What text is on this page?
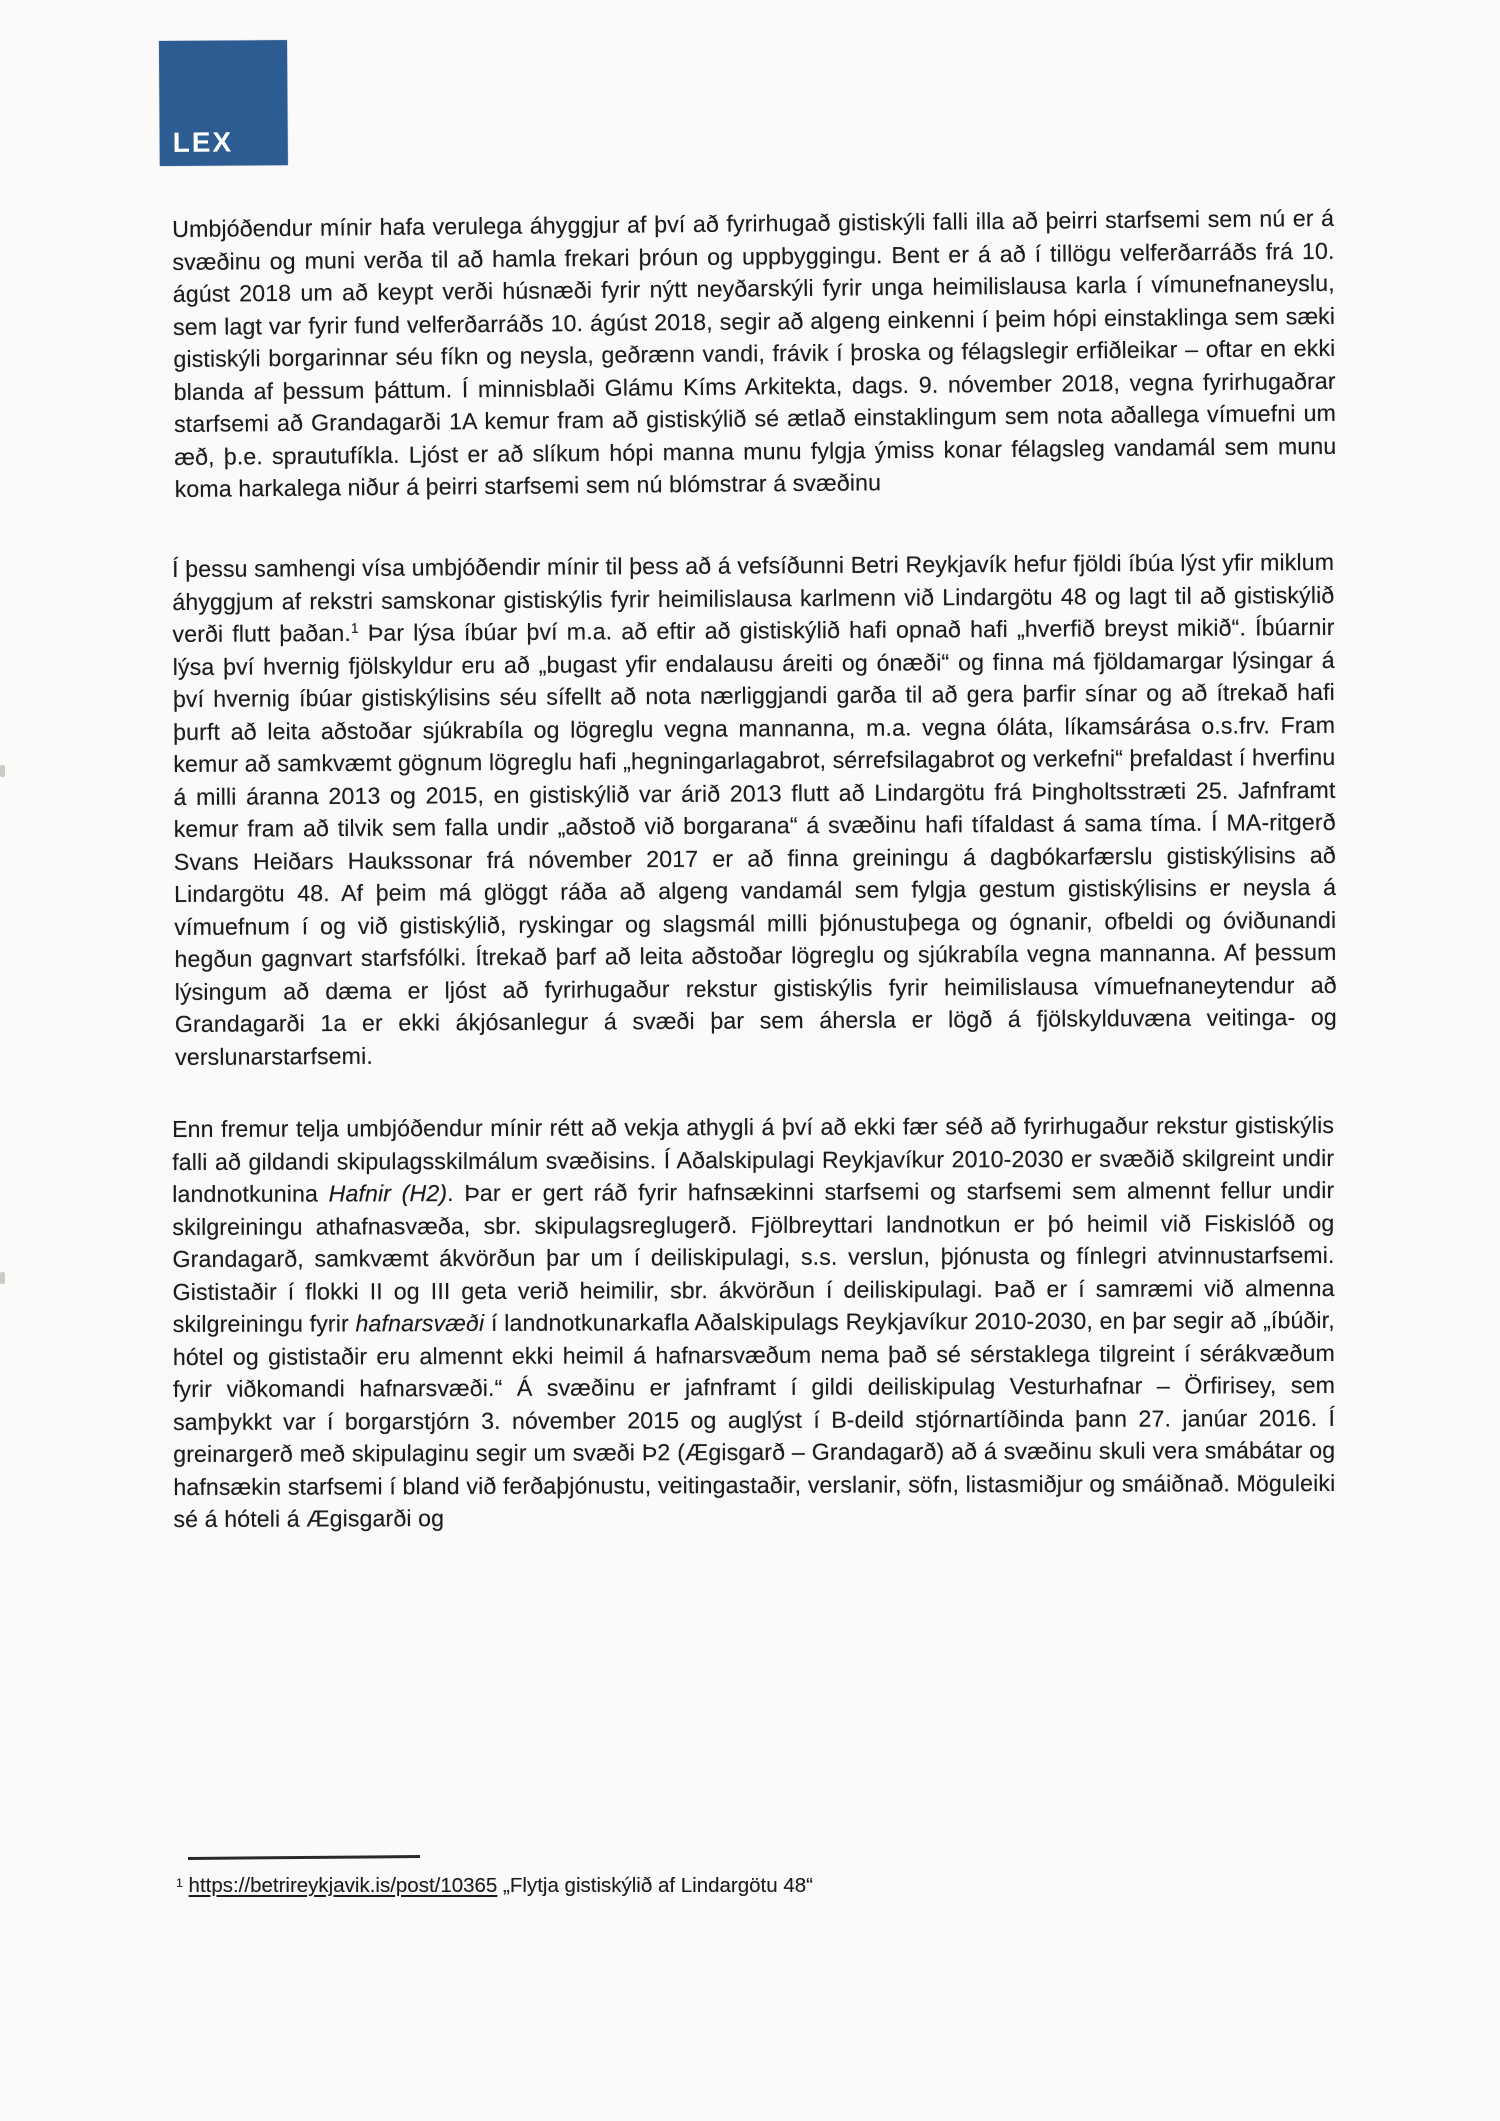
LEX

Umbjóðendur mínir hafa verulega áhyggjur af því að fyrirhugað gistiskýli falli illa að þeirri starfsemi sem nú er á svæðinu og muni verða til að hamla frekari þróun og uppbyggingu. Bent er á að í tillögu velferðarráðs frá 10. ágúst 2018 um að keypt verði húsnæði fyrir nýtt neyðarskýli fyrir unga heimilislausa karla í vímunefnaneyslu, sem lagt var fyrir fund velferðarráðs 10. ágúst 2018, segir að algeng einkenni í þeim hópi einstaklinga sem sæki gistiskýli borgarinnar séu fíkn og neysla, geðrænn vandi, frávik í þroska og félagslegir erfiðleikar – oftar en ekki blanda af þessum þáttum. Í minnisblaði Glámu Kíms Arkitekta, dags. 9. nóvember 2018, vegna fyrirhugaðrar starfsemi að Grandagarði 1A kemur fram að gistiskýlið sé ætlað einstaklingum sem nota aðallega vímuefni um æð, þ.e. sprautufíkla. Ljóst er að slíkum hópi manna munu fylgja ýmiss konar félagsleg vandamál sem munu koma harkalega niður á þeirri starfsemi sem nú blómstrar á svæðinu

Í þessu samhengi vísa umbjóðendir mínir til þess að á vefsíðunni Betri Reykjavík hefur fjöldi íbúa lýst yfir miklum áhyggjum af rekstri samskonar gistiskýlis fyrir heimilislausa karlmenn við Lindargötu 48 og lagt til að gistiskýlið verði flutt þaðan.$^1$ Þar lýsa íbúar því m.a. að eftir að gistiskýlið hafi opnað hafi „hverfið breyst mikið“. Íbúarnir lýsa því hvernig fjölskyldur eru að „bugast yfir endalausu áreiti og ónæði“ og finna má fjöldamargar lýsingar á því hvernig íbúar gistiskýlisins séu sífellt að nota nærliggjandi garða til að gera þarfir sínar og að ítrekað hafi þurft að leita aðstoðar sjúkrabíla og lögreglu vegna mannanna, m.a. vegna óláta, líkamsárása o.s.frv. Fram kemur að samkvæmt gögnum lögreglu hafi „hegningarlagabrot, sérrefsilagabrot og verkefni“ þrefaldast í hverfinu á milli áranna 2013 og 2015, en gistiskýlið var árið 2013 flutt að Lindargötu frá Þingholtsstræti 25. Jafnframt kemur fram að tilvik sem falla undir „aðstoð við borgarana“ á svæðinu hafi tífaldast á sama tíma. Í MA-ritgerð Svans Heiðars Haukssonar frá nóvember 2017 er að finna greiningu á dagbókarfærslu gistiskýlisins að Lindargötu 48. Af þeim má glöggt ráða að algeng vandamál sem fylgja gestum gistiskýlisins er neysla á vímuefnum í og við gistiskýlið, ryskingar og slagsmál milli þjónustuþega og ógnanir, ofbeldi og óviðunandi hegðun gagnvart starfsfólki. Ítrekað þarf að leita aðstoðar lögreglu og sjúkrabíla vegna mannanna. Af þessum lýsingum að dæma er ljóst að fyrirhugaður rekstur gistiskýlis fyrir heimilislausa vímuefnaneytendur að Grandagarði 1a er ekki ákjósanlegur á svæði þar sem áhersla er lögð á fjölskylduvæna veitinga- og verslunarstarfsemi.

Enn fremur telja umbjóðendur mínir rétt að vekja athygli á því að ekki fær séð að fyrirhugaður rekstur gistiskýlis falli að gildandi skipulagsskilmálum svæðisins. Í Aðalskipulagi Reykjavíkur 2010-2030 er svæðið skilgreint undir landnotkunina Hafnir (H2). Þar er gert ráð fyrir hafnsækinni starfsemi og starfsemi sem almennt fellur undir skilgreiningu athafnasvæða, sbr. skipulagsreglugerð. Fjölbreyttari landnotkun er þó heimil við Fiskislóð og Grandagarð, samkvæmt ákvörðun þar um í deiliskipulagi, s.s. verslun, þjónusta og fínlegri atvinnustarfsemi. Gististaðir í flokki II og III geta verið heimilir, sbr. ákvörðun í deiliskipulagi. Það er í samræmi við almenna skilgreiningu fyrir hafnarsvæði í landnotkunarkafla Aðalskipulags Reykjavíkur 2010-2030, en þar segir að „íbúðir, hótel og gististaðir eru almennt ekki heimil á hafnarsvæðum nema það sé sérstaklega tilgreint í sérákvæðum fyrir viðkomandi hafnarsvæði.“ Á svæðinu er jafnframt í gildi deiliskipulag Vesturhafnar – Örfirisey, sem samþykkt var í borgarstjórn 3. nóvember 2015 og auglýst í B-deild stjórnartíðinda þann 27. janúar 2016. Í greinargerð með skipulaginu segir um svæði Þ2 (Ægisgarð – Grandagarð) að á svæðinu skuli vera smábátar og hafnsækin starfsemi í bland við ferðaþjónustu, veitingastaðir, verslanir, söfn, listasmiðjur og smáiðnað. Möguleiki sé á hóteli á Ægisgarði og

$^1$ https://betrireykjavik.is/post/10365 „Flytja gistiskýlið af Lindargötu 48“
